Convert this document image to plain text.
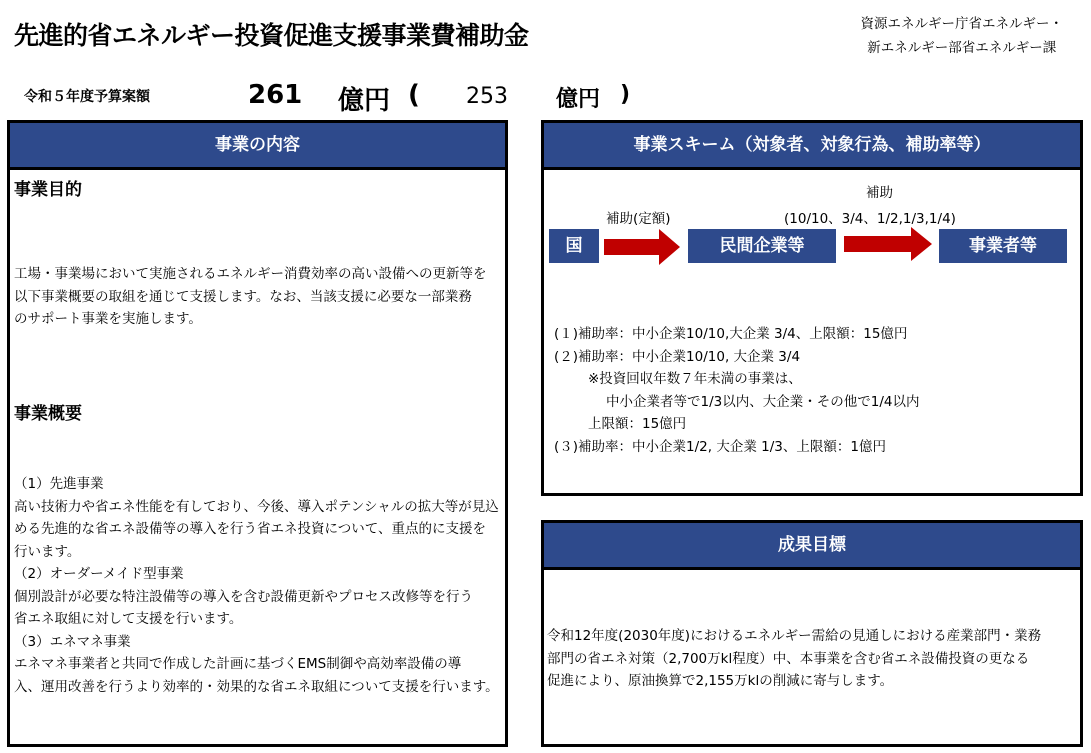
先進的省エネルギー投資促進支援事業費補助金	資源エネルギー庁省エネルギー・
新エネルギー部省エネルギー課
令和５年度予算案額	261 億円 ( 253 億円 )
事業の内容
事業目的
工場・事業場において実施されるエネルギー消費効率の高い設備への更新等を
以下事業概要の取組を通じて支援します。なお、当該支援に必要な一部業務
のサポート事業を実施します。
事業概要
（1）先進事業
高い技術力や省エネ性能を有しており、今後、導入ポテンシャルの拡大等が見込
める先進的な省エネ設備等の導入を行う省エネ投資について、重点的に支援を
行います。
（2）オーダーメイド型事業
個別設計が必要な特注設備等の導入を含む設備更新やプロセス改修等を行う
省エネ取組に対して支援を行います。
（3）エネマネ事業
エネマネ事業者と共同で作成した計画に基づくEMS制御や高効率設備の導
入、運用改善を行うより効率的・効果的な省エネ取組について支援を行います。
事業スキーム（対象者、対象行為、補助率等）
補助
補助(定額)	(10/10、3/4、1/2,1/3,1/4)
国	民間企業等	事業者等
(１)補助率：中小企業10/10,大企業 3/4、上限額：15億円
(２)補助率：中小企業10/10, 大企業 3/4
※投資回収年数７年未満の事業は、
中小企業者等で1/3以内、大企業・その他で1/4以内
上限額：15億円
(３)補助率：中小企業1/2, 大企業 1/3、上限額：1億円
成果目標
令和12年度(2030年度)におけるエネルギー需給の見通しにおける産業部門・業務
部門の省エネ対策（2,700万kl程度）中、本事業を含む省エネ設備投資の更なる
促進により、原油換算で2,155万klの削減に寄与します。
